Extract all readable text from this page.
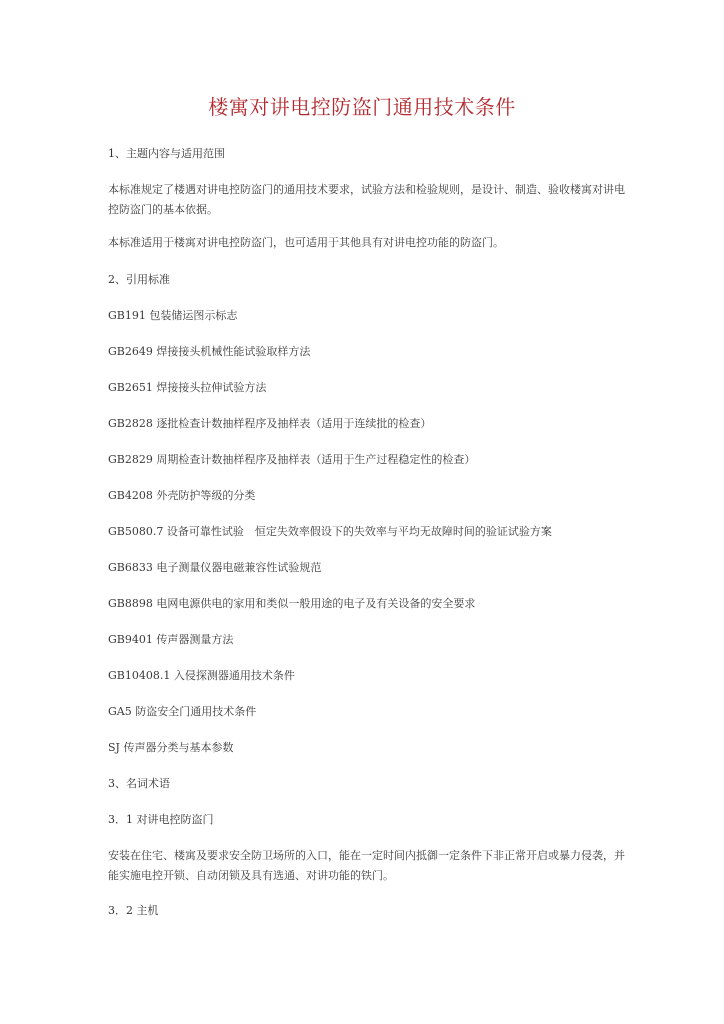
楼寓对讲电控防盗门通用技术条件
1、主题内容与适用范围
本标准规定了楼遇对讲电控防盗门的通用技术要求，试验方法和检验规则，是设计、制造、验收楼寓对讲电控防盗门的基本依据。
本标准适用于楼寓对讲电控防盗门，也可适用于其他具有对讲电控功能的防盗门。
2、引用标准
GB191 包装储运图示标志
GB2649 焊接接头机械性能试验取样方法
GB2651 焊接接头拉伸试验方法
GB2828 逐批检查计数抽样程序及抽样表（适用于连续批的检查）
GB2829 周期检查计数抽样程序及抽样表（适用于生产过程稳定性的检查）
GB4208 外壳防护等级的分类
GB5080.7 设备可靠性试验　恒定失效率假设下的失效率与平均无故障时间的验证试验方案
GB6833 电子测量仪器电磁兼容性试验规范
GB8898 电网电源供电的家用和类似一般用途的电子及有关设备的安全要求
GB9401 传声器测量方法
GB10408.1 入侵探测器通用技术条件
GA5 防盗安全门通用技术条件
SJ 传声器分类与基本参数
3、名词术语
3．1 对讲电控防盗门
安装在住宅、楼寓及要求安全防卫场所的入口，能在一定时间内抵御一定条件下非正常开启或暴力侵袭，并能实施电控开锁、自动闭锁及具有选通、对讲功能的铁门。
3．2 主机
